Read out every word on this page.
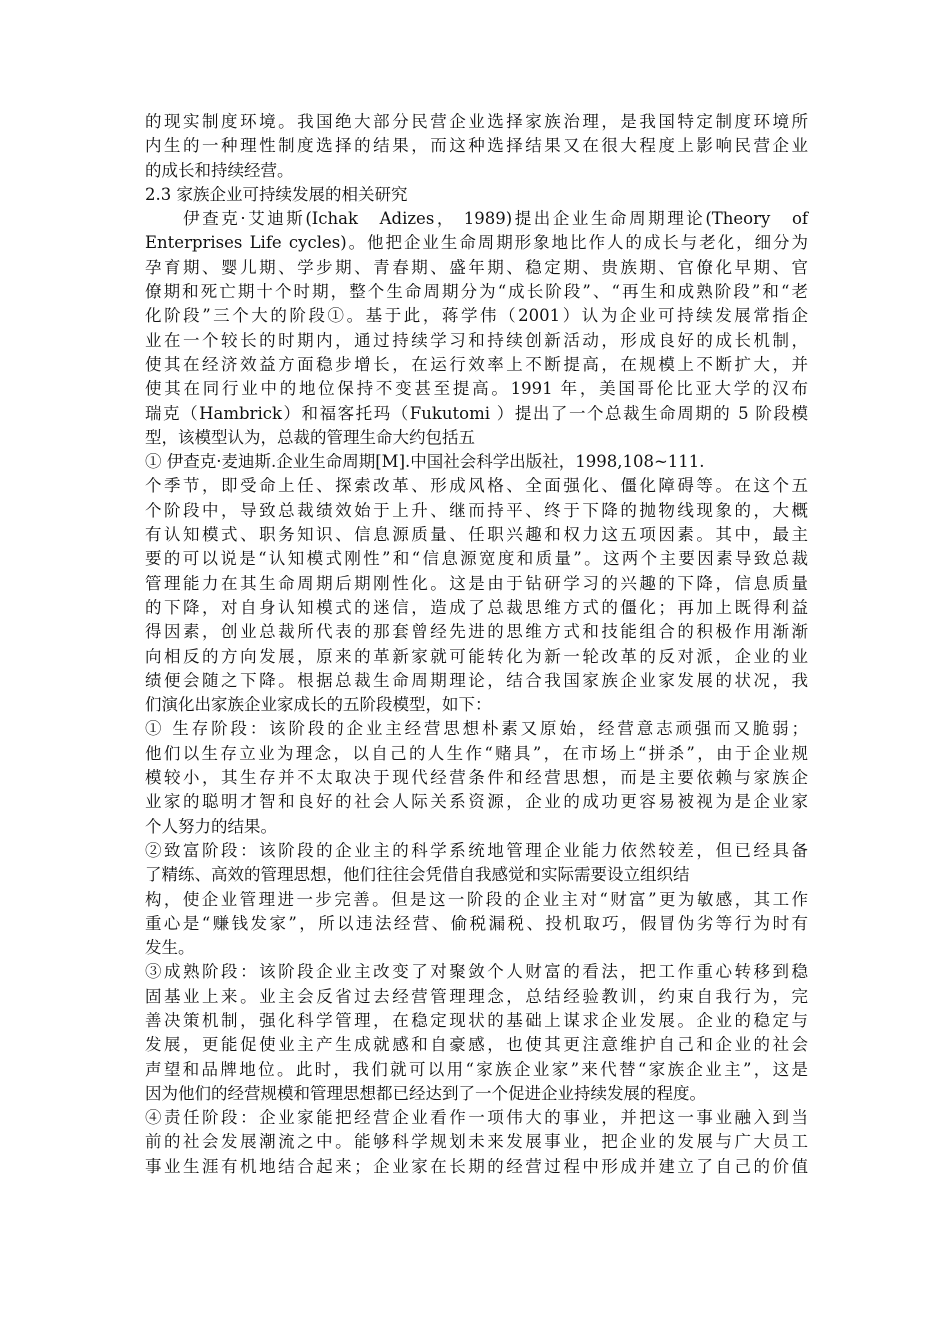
的现实制度环境。我国绝大部分民营企业选择家族治理，是我国特定制度环境所
内生的一种理性制度选择的结果，而这种选择结果又在很大程度上影响民营企业
的成长和持续经营。
2.3 家族企业可持续发展的相关研究
　　伊查克·艾迪斯(Ichak　Adizes， 1989)提出企业生命周期理论(Theory　of
Enterprises Life cycles)。他把企业生命周期形象地比作人的成长与老化，细分为
孕育期、婴儿期、学步期、青春期、盛年期、稳定期、贵族期、官僚化早期、官
僚期和死亡期十个时期，整个生命周期分为“成长阶段”、“再生和成熟阶段”和“老
化阶段”三个大的阶段①。基于此，蒋学伟（2001）认为企业可持续发展常指企
业在一个较长的时期内，通过持续学习和持续创新活动，形成良好的成长机制，
使其在经济效益方面稳步增长，在运行效率上不断提高，在规模上不断扩大，并
使其在同行业中的地位保持不变甚至提高。1991 年，美国哥伦比亚大学的汉布
瑞克（Hambrick）和福客托玛（Fukutomi ）提出了一个总裁生命周期的 5 阶段模
型，该模型认为，总裁的管理生命大约包括五
① 伊查克·麦迪斯.企业生命周期[M].中国社会科学出版社，1998,108~111.
个季节，即受命上任、探索改革、形成风格、全面强化、僵化障碍等。在这个五
个阶段中，导致总裁绩效始于上升、继而持平、终于下降的抛物线现象的，大概
有认知模式、职务知识、信息源质量、任职兴趣和权力这五项因素。其中，最主
要的可以说是“认知模式刚性”和“信息源宽度和质量”。这两个主要因素导致总裁
管理能力在其生命周期后期刚性化。这是由于钻研学习的兴趣的下降，信息质量
的下降，对自身认知模式的迷信，造成了总裁思维方式的僵化；再加上既得利益
得因素，创业总裁所代表的那套曾经先进的思维方式和技能组合的积极作用渐渐
向相反的方向发展，原来的革新家就可能转化为新一轮改革的反对派，企业的业
绩便会随之下降。根据总裁生命周期理论，结合我国家族企业家发展的状况，我
们演化出家族企业家成长的五阶段模型，如下：
① 生存阶段：该阶段的企业主经营思想朴素又原始，经营意志顽强而又脆弱；
他们以生存立业为理念，以自己的人生作“赌具”，在市场上“拼杀”，由于企业规
模较小，其生存并不太取决于现代经营条件和经营思想，而是主要依赖与家族企
业家的聪明才智和良好的社会人际关系资源，企业的成功更容易被视为是企业家
个人努力的结果。
②致富阶段：该阶段的企业主的科学系统地管理企业能力依然较差，但已经具备
了精练、高效的管理思想，他们往往会凭借自我感觉和实际需要设立组织结
构，使企业管理进一步完善。但是这一阶段的企业主对“财富”更为敏感，其工作
重心是“赚钱发家”，所以违法经营、偷税漏税、投机取巧，假冒伪劣等行为时有
发生。
③成熟阶段：该阶段企业主改变了对聚敛个人财富的看法，把工作重心转移到稳
固基业上来。业主会反省过去经营管理理念，总结经验教训，约束自我行为，完
善决策机制，强化科学管理，在稳定现状的基础上谋求企业发展。企业的稳定与
发展，更能促使业主产生成就感和自豪感，也使其更注意维护自己和企业的社会
声望和品牌地位。此时，我们就可以用“家族企业家”来代替“家族企业主”，这是
因为他们的经营规模和管理思想都已经达到了一个促进企业持续发展的程度。
④责任阶段：企业家能把经营企业看作一项伟大的事业，并把这一事业融入到当
前的社会发展潮流之中。能够科学规划未来发展事业，把企业的发展与广大员工
事业生涯有机地结合起来；企业家在长期的经营过程中形成并建立了自己的价值
